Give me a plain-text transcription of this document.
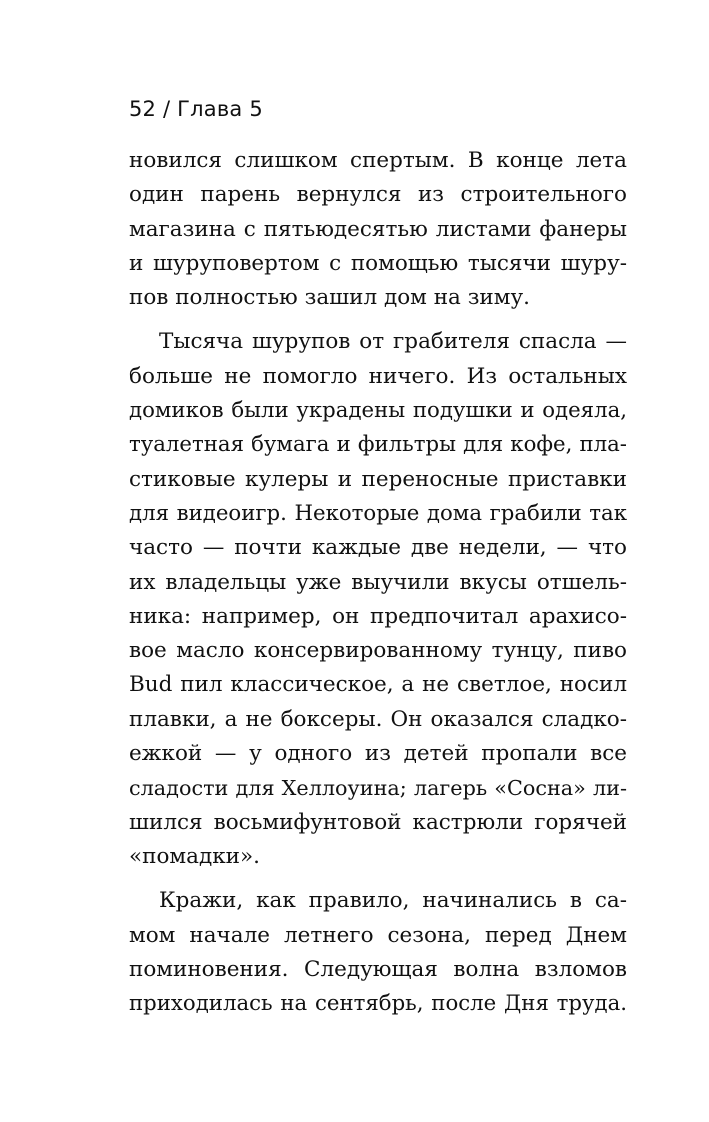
52 / Глава 5
новился слишком спертым. В конце лета
один парень вернулся из строительного
магазина с пятьюдесятью листами фанеры
и шуруповертом с помощью тысячи шуру-
пов полностью зашил дом на зиму.
Тысяча шурупов от грабителя спасла —
больше не помогло ничего. Из остальных
домиков были украдены подушки и одеяла,
туалетная бумага и фильтры для кофе, пла-
стиковые кулеры и переносные приставки
для видеоигр. Некоторые дома грабили так
часто — почти каждые две недели, — что
их владельцы уже выучили вкусы отшель-
ника: например, он предпочитал арахисо-
вое масло консервированному тунцу, пиво
Bud пил классическое, а не светлое, носил
плавки, а не боксеры. Он оказался сладко-
ежкой — у одного из детей пропали все
сладости для Хеллоуина; лагерь «Сосна» ли-
шился восьмифунтовой кастрюли горячей
«помадки».
Кражи, как правило, начинались в са-
мом начале летнего сезона, перед Днем
поминовения. Следующая волна взломов
приходилась на сентябрь, после Дня труда.
